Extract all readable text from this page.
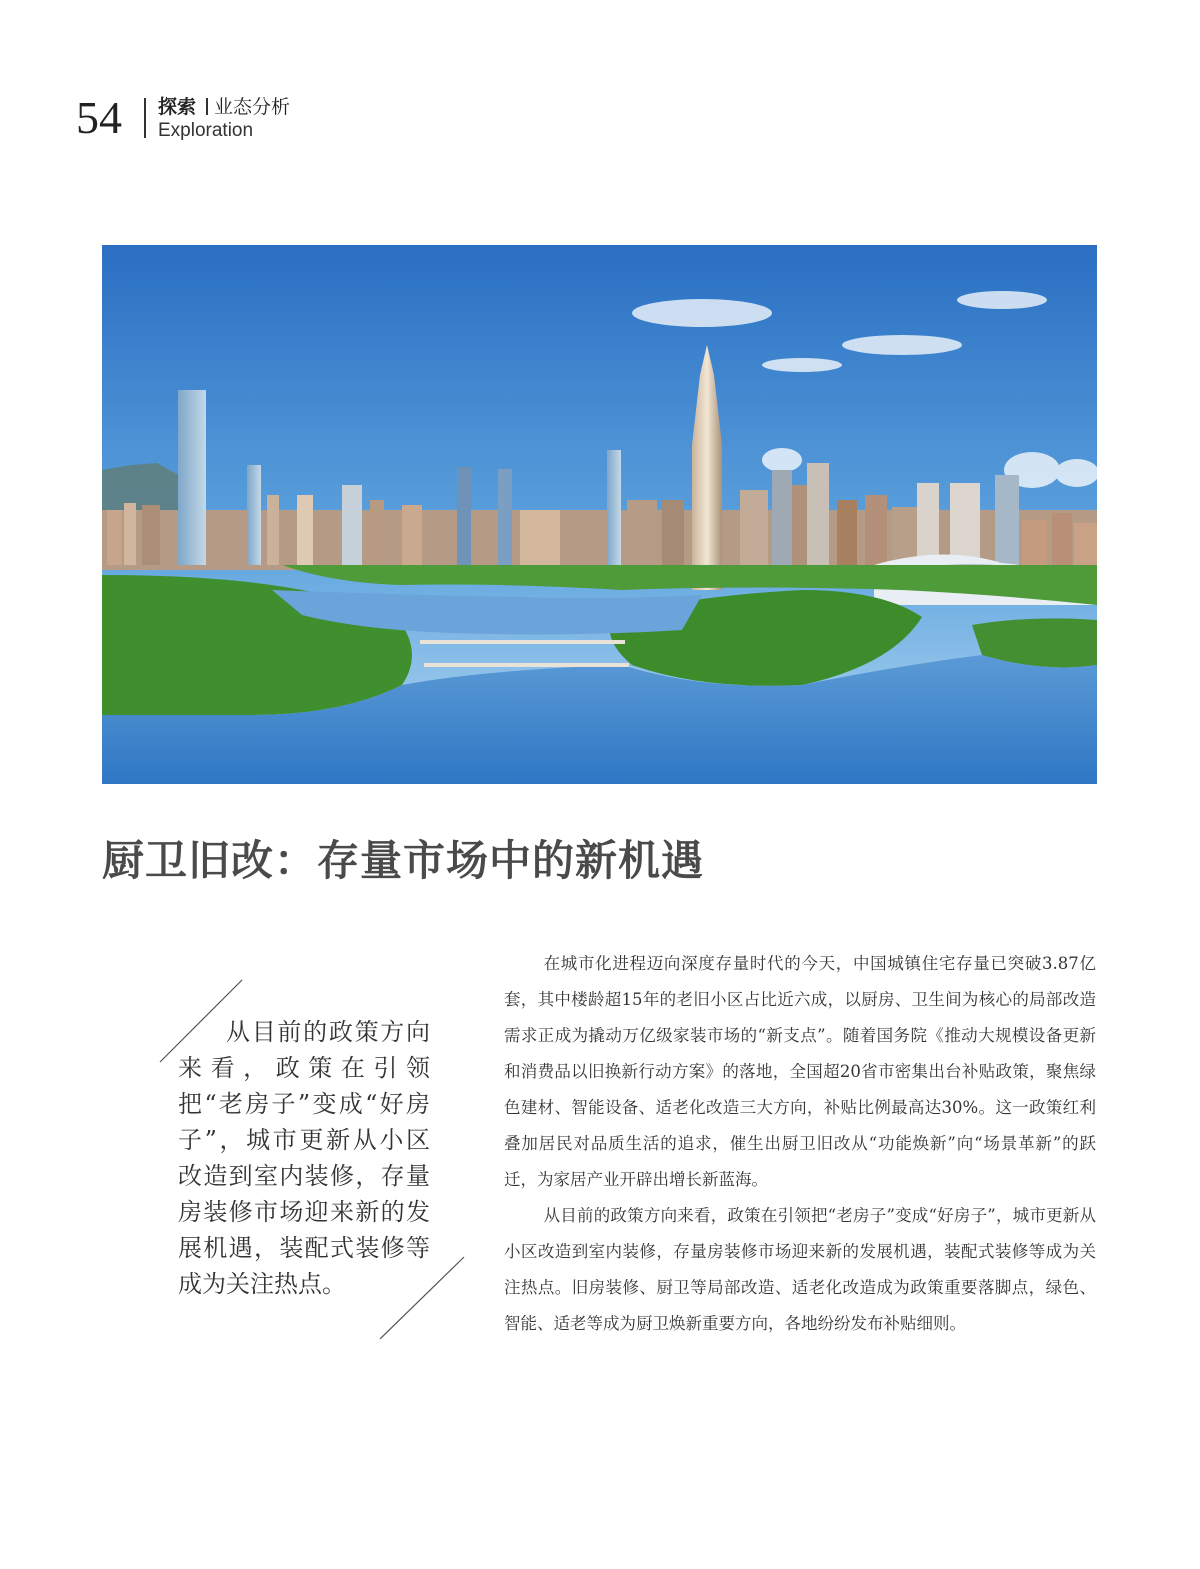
54 探索 业态分析
Exploration
厨卫旧改：存量市场中的新机遇

从目前的政策方向来看，政策在引领把“老房子”变成“好房子”，城市更新从小区改造到室内装修，存量房装修市场迎来新的发展机遇，装配式装修等成为关注热点。

在城市化进程迈向深度存量时代的今天，中国城镇住宅存量已突破3.87亿套，其中楼龄超15年的老旧小区占比近六成，以厨房、卫生间为核心的局部改造需求正成为撬动万亿级家装市场的“新支点”。随着国务院《推动大规模设备更新和消费品以旧换新行动方案》的落地，全国超20省市密集出台补贴政策，聚焦绿色建材、智能设备、适老化改造三大方向，补贴比例最高达30%。这一政策红利叠加居民对品质生活的追求，催生出厨卫旧改从“功能焕新”向“场景革新”的跃迁，为家居产业开辟出增长新蓝海。

从目前的政策方向来看，政策在引领把“老房子”变成“好房子”，城市更新从小区改造到室内装修，存量房装修市场迎来新的发展机遇，装配式装修等成为关注热点。旧房装修、厨卫等局部改造、适老化改造成为政策重要落脚点，绿色、智能、适老等成为厨卫焕新重要方向，各地纷纷发布补贴细则。
